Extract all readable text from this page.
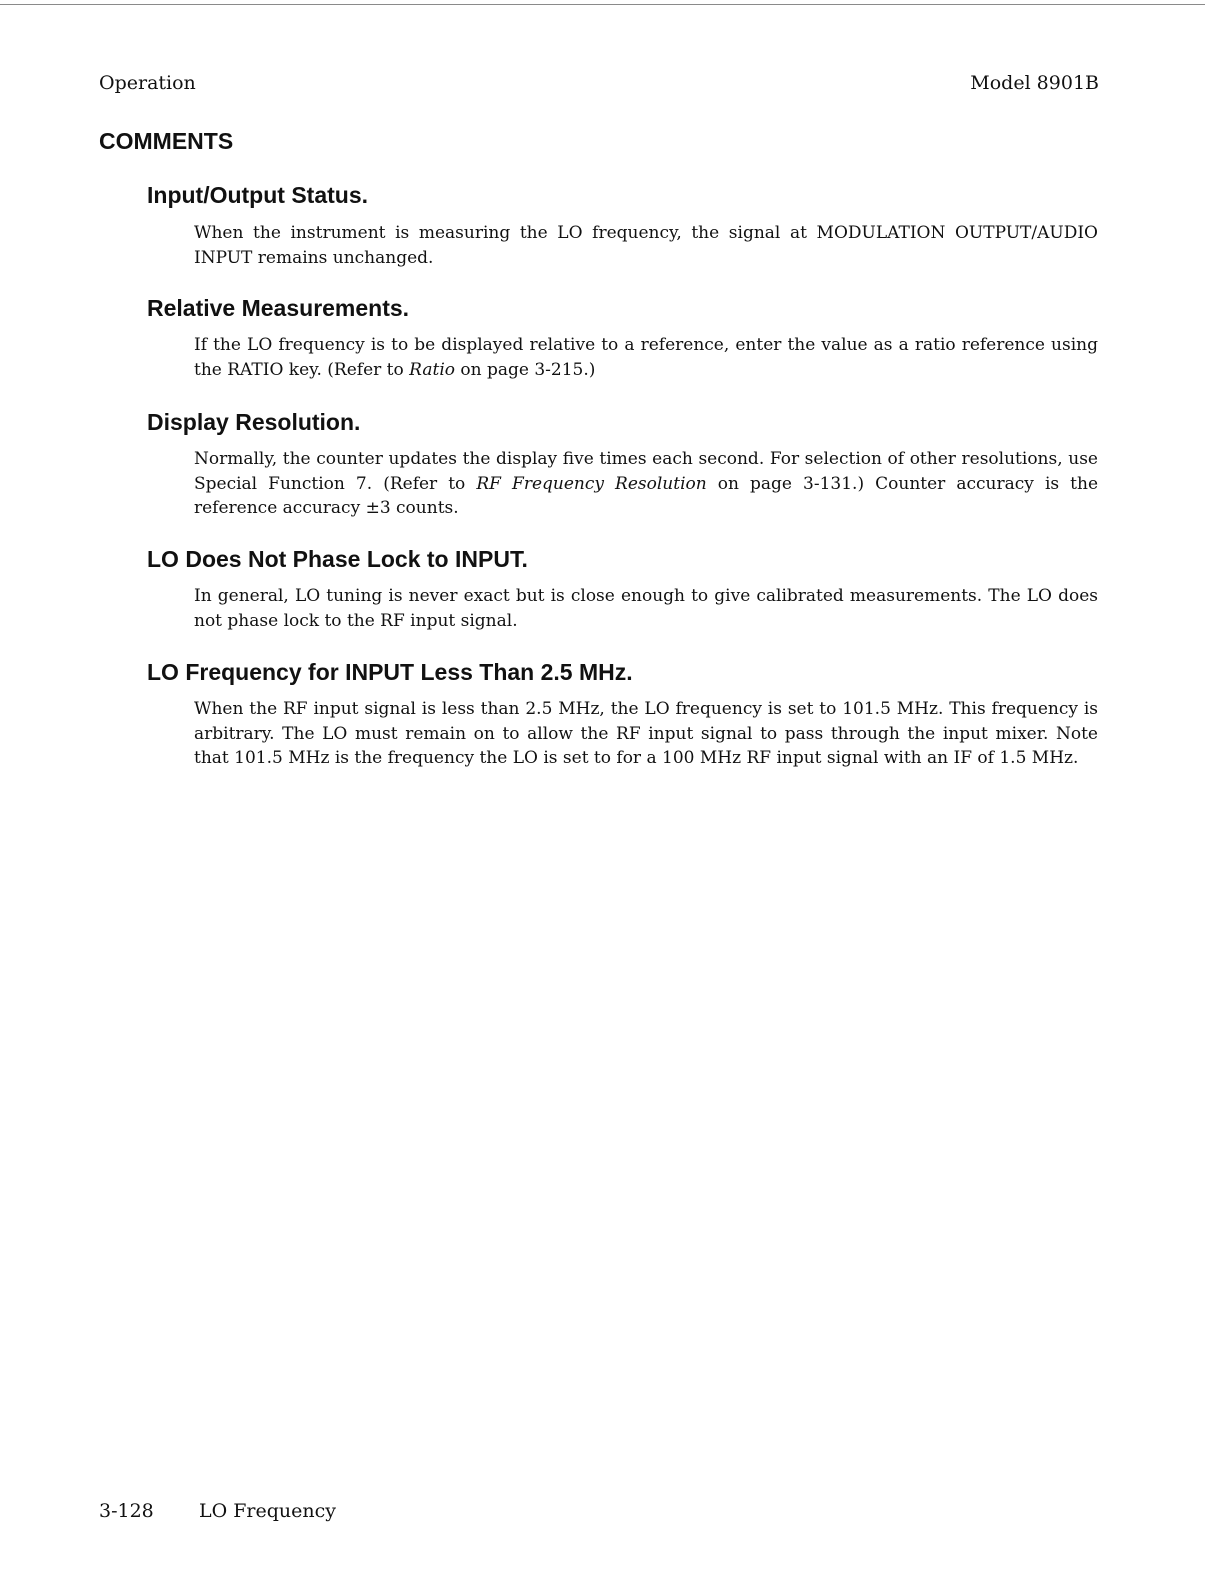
Operation	Model 8901B
COMMENTS
Input/Output Status.

When the instrument is measuring the LO frequency, the signal at MODULATION OUTPUT/AUDIO INPUT remains unchanged.

Relative Measurements.

If the LO frequency is to be displayed relative to a reference, enter the value as a ratio reference using the RATIO key. (Refer to Ratio on page 3-215.)

Display Resolution.

Normally, the counter updates the display five times each second. For selection of other resolutions, use Special Function 7. (Refer to RF Frequency Resolution on page 3-131.) Counter accuracy is the reference accuracy ±3 counts.

LO Does Not Phase Lock to INPUT.

In general, LO tuning is never exact but is close enough to give calibrated measurements. The LO does not phase lock to the RF input signal.

LO Frequency for INPUT Less Than 2.5 MHz.

When the RF input signal is less than 2.5 MHz, the LO frequency is set to 101.5 MHz. This frequency is arbitrary. The LO must remain on to allow the RF input signal to pass through the input mixer. Note that 101.5 MHz is the frequency the LO is set to for a 100 MHz RF input signal with an IF of 1.5 MHz.

3-128 LO Frequency
